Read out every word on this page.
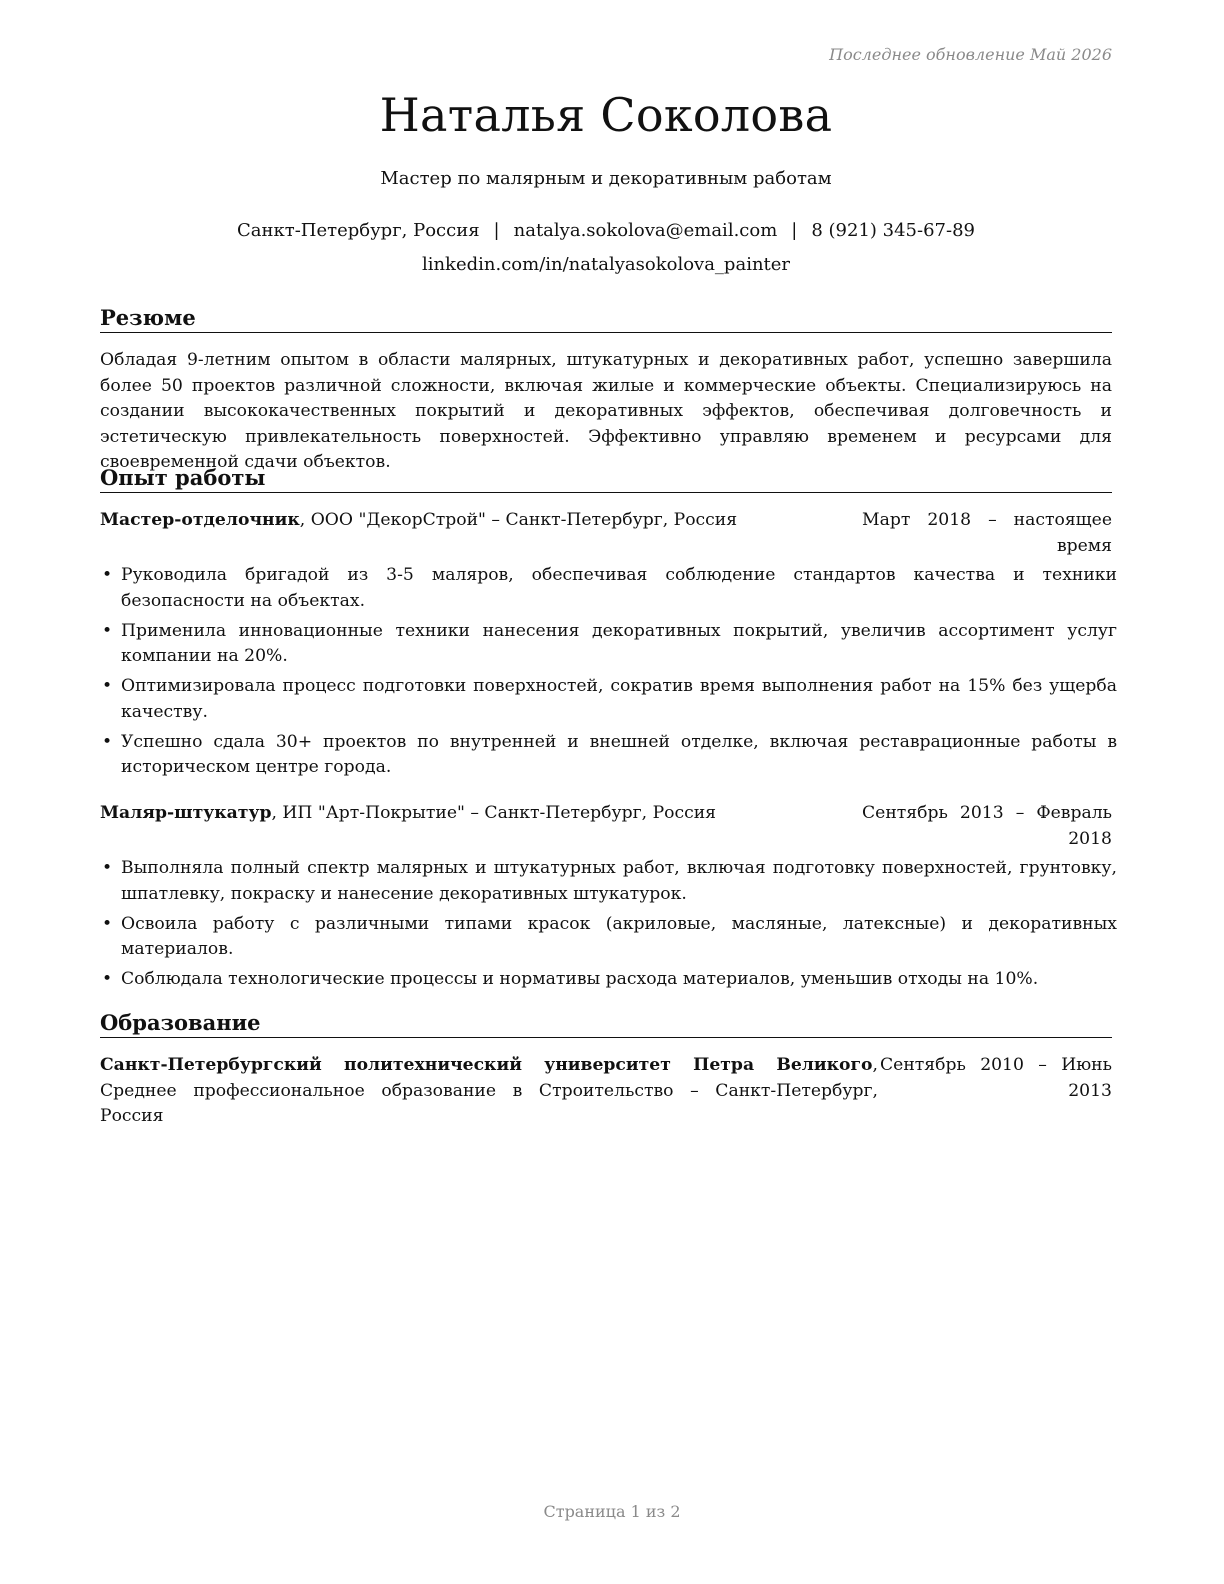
Последнее обновление Май 2026
Наталья Соколова
Мастер по малярным и декоративным работам
Санкт-Петербург, Россия | natalya.sokolova@email.com | 8 (921) 345-67-89
linkedin.com/in/natalyasokolova_painter
Резюме
Обладая 9-летним опытом в области малярных, штукатурных и декоративных работ, успешно завершила более 50 проектов различной сложности, включая жилые и коммерческие объекты. Специализируюсь на создании высококачественных покрытий и декоративных эффектов, обеспечивая долговечность и эстетическую привлекательность поверхностей. Эффективно управляю временем и ресурсами для своевременной сдачи объектов.
Опыт работы
Мастер-отделочник, ООО "ДекорСтрой" – Санкт-Петербург, Россия	Март 2018 – настоящее время
• Руководила бригадой из 3-5 маляров, обеспечивая соблюдение стандартов качества и техники безопасности на объектах.
• Применила инновационные техники нанесения декоративных покрытий, увеличив ассортимент услуг компании на 20%.
• Оптимизировала процесс подготовки поверхностей, сократив время выполнения работ на 15% без ущерба качеству.
• Успешно сдала 30+ проектов по внутренней и внешней отделке, включая реставрационные работы в историческом центре города.
Маляр-штукатур, ИП "Арт-Покрытие" – Санкт-Петербург, Россия	Сентябрь 2013 – Февраль 2018
• Выполняла полный спектр малярных и штукатурных работ, включая подготовку поверхностей, грунтовку, шпатлевку, покраску и нанесение декоративных штукатурок.
• Освоила работу с различными типами красок (акриловые, масляные, латексные) и декоративных материалов.
• Соблюдала технологические процессы и нормативы расхода материалов, уменьшив отходы на 10%.
Образование
Санкт-Петербургский политехнический университет Петра Великого, Среднее профессиональное образование в Строительство – Санкт-Петербург, Россия
Сентябрь 2010 – Июнь 2013
Страница 1 из 2
